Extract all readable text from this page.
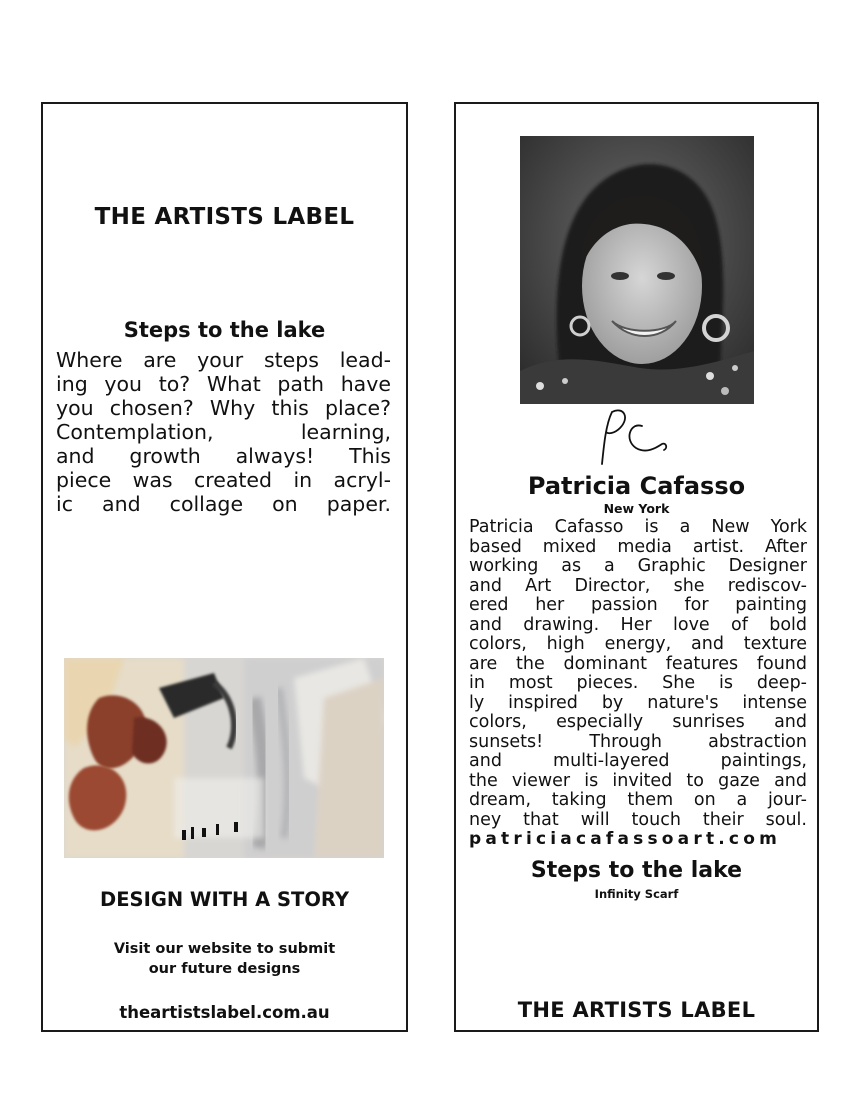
THE ARTISTS LABEL
Steps to the lake
Where are your steps lead-
ing you to? What path have
you chosen? Why this place?
Contemplation, learning,
and growth always! This
piece was created in acryl-
ic and collage on paper.
DESIGN WITH A STORY
Visit our website to submit
our future designs
theartistslabel.com.au
Patricia Cafasso
New York
Patricia Cafasso is a New York
based mixed media artist. After
working as a Graphic Designer
and Art Director, she rediscov-
ered her passion for painting
and drawing. Her love of bold
colors, high energy, and texture
are the dominant features found
in most pieces. She is deep-
ly inspired by nature's intense
colors, especially sunrises and
sunsets! Through abstraction
and multi-layered paintings,
the viewer is invited to gaze and
dream, taking them on a jour-
ney that will touch their soul.
patriciacafassoart.com
Steps to the lake
Infinity Scarf
THE ARTISTS LABEL
